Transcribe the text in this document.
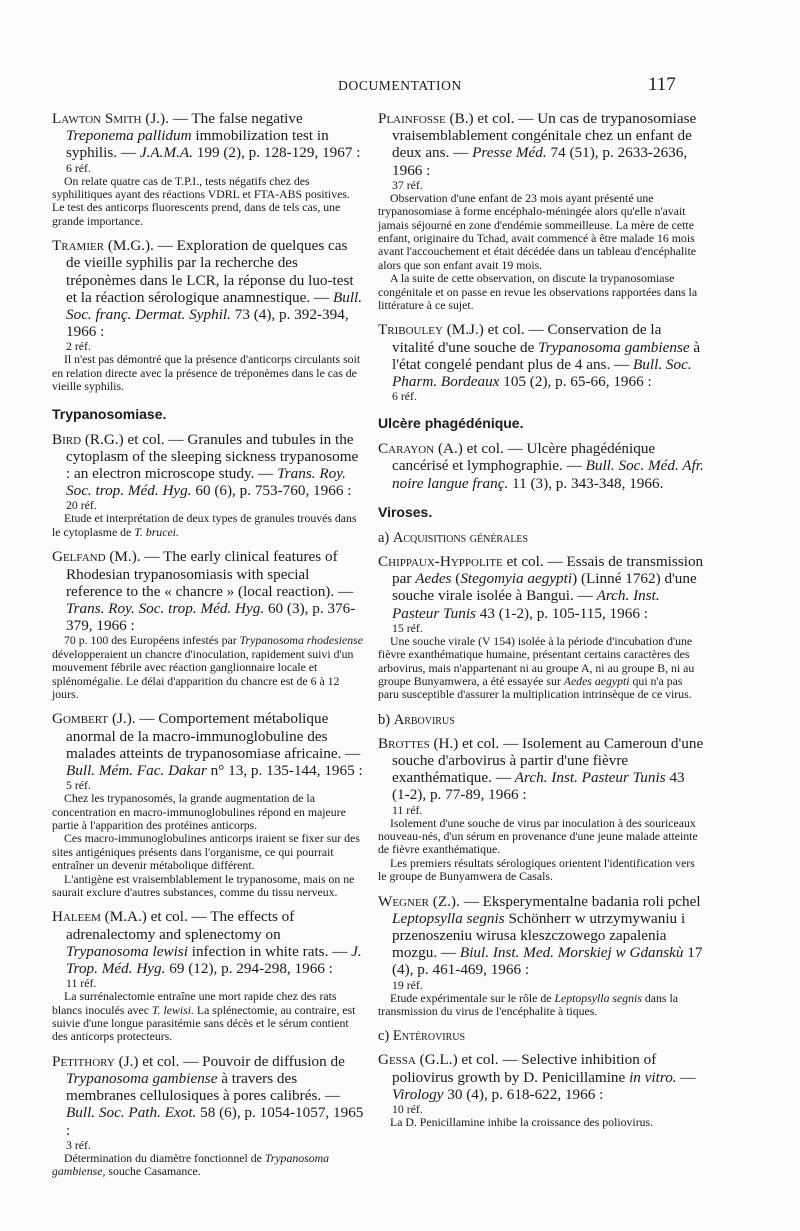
DOCUMENTATION	117
Lawton Smith (J.). — The false negative Treponema pallidum immobilization test in syphilis. — J.A.M.A. 199 (2), p. 128-129, 1967 :
6 réf.
On relate quatre cas de T.P.I., tests négatifs chez des syphilitiques ayant des réactions VDRL et FTA-ABS positives. Le test des anticorps fluorescents prend, dans de tels cas, une grande importance.
Tramier (M.G.). — Exploration de quelques cas de vieille syphilis par la recherche des tréponèmes dans le LCR, la réponse du luo-test et la réaction sérologique anamnestique. — Bull. Soc. franç. Dermat. Syphil. 73 (4), p. 392-394, 1966 :
2 réf.
Il n'est pas démontré que la présence d'anticorps circulants soit en relation directe avec la présence de tréponèmes dans le cas de vieille syphilis.
Trypanosomiase.
Bird (R.G.) et col. — Granules and tubules in the cytoplasm of the sleeping sickness trypanosome : an electron microscope study. — Trans. Roy. Soc. trop. Méd. Hyg. 60 (6), p. 753-760, 1966 :
20 réf.
Etude et interprétation de deux types de granules trouvés dans le cytoplasme de T. brucei.
Gelfand (M.). — The early clinical features of Rhodesian trypanosomiasis with special reference to the « chancre » (local reaction). — Trans. Roy. Soc. trop. Méd. Hyg. 60 (3), p. 376-379, 1966 :
70 p. 100 des Européens infestés par Trypanosoma rhodesiense développeraient un chancre d'inoculation, rapidement suivi d'un mouvement fébrile avec réaction ganglionnaire locale et splénomégalie. Le délai d'apparition du chancre est de 6 à 12 jours.
Gombert (J.). — Comportement métabolique anormal de la macro-immunoglobuline des malades atteints de trypanosomiase africaine. — Bull. Mém. Fac. Dakar n° 13, p. 135-144, 1965 :
5 réf.
Chez les trypanosomés, la grande augmentation de la concentration en macro-immunoglobulines répond en majeure partie à l'apparition des protéines anticorps.
Ces macro-immunoglobulines anticorps iraient se fixer sur des sites antigéniques présents dans l'organisme, ce qui pourrait entraîner un devenir métabolique différent.
L'antigène est vraisemblablement le trypanosome, mais on ne saurait exclure d'autres substances, comme du tissu nerveux.
Haleem (M.A.) et col. — The effects of adrenalectomy and splenectomy on Trypanosoma lewisi infection in white rats. — J. Trop. Méd. Hyg. 69 (12), p. 294-298, 1966 :
11 réf.
La surrénalectomie entraîne une mort rapide chez des rats blancs inoculés avec T. lewisi. La splénectomie, au contraire, est suivie d'une longue parasitémie sans décès et le sérum contient des anticorps protecteurs.
Petithory (J.) et col. — Pouvoir de diffusion de Trypanosoma gambiense à travers des membranes cellulosiques à pores calibrés. — Bull. Soc. Path. Exot. 58 (6), p. 1054-1057, 1965 :
3 réf.
Détermination du diamètre fonctionnel de Trypanosoma gambiense, souche Casamance.
Plainfosse (B.) et col. — Un cas de trypanosomiase vraisemblablement congénitale chez un enfant de deux ans. — Presse Méd. 74 (51), p. 2633-2636, 1966 :
37 réf.
Observation d'une enfant de 23 mois ayant présenté une trypanosomiase à forme encéphalo-méningée alors qu'elle n'avait jamais séjourné en zone d'endémie sommeilleuse. La mère de cette enfant, originaire du Tchad, avait commencé à être malade 16 mois avant l'accouchement et était décédée dans un tableau d'encéphalite alors que son enfant avait 19 mois.
A la suite de cette observation, on discute la trypanosomiase congénitale et on passe en revue les observations rapportées dans la littérature à ce sujet.
Tribouley (M.J.) et col. — Conservation de la vitalité d'une souche de Trypanosoma gambiense à l'état congelé pendant plus de 4 ans. — Bull. Soc. Pharm. Bordeaux 105 (2), p. 65-66, 1966 :
6 réf.
Ulcère phagédénique.
Carayon (A.) et col. — Ulcère phagédénique cancérisé et lymphographie. — Bull. Soc. Méd. Afr. noire langue franç. 11 (3), p. 343-348, 1966.
Viroses.
a) Acquisitions générales
Chippaux-Hyppolite et col. — Essais de transmission par Aedes (Stegomyia aegypti) (Linné 1762) d'une souche virale isolée à Bangui. — Arch. Inst. Pasteur Tunis 43 (1-2), p. 105-115, 1966 :
15 réf.
Une souche virale (V 154) isolée à la période d'incubation d'une fièvre exanthématique humaine, présentant certains caractères des arbovirus, mais n'appartenant ni au groupe A, ni au groupe B, ni au groupe Bunyamwera, a été essayée sur Aedes aegypti qui n'a pas paru susceptible d'assurer la multiplication intrinsèque de ce virus.
b) Arbovirus
Brottes (H.) et col. — Isolement au Cameroun d'une souche d'arbovirus à partir d'une fièvre exanthématique. — Arch. Inst. Pasteur Tunis 43 (1-2), p. 77-89, 1966 :
11 réf.
Isolement d'une souche de virus par inoculation à des souriceaux nouveau-nés, d'un sérum en provenance d'une jeune malade atteinte de fièvre exanthématique.
Les premiers résultats sérologiques orientent l'identification vers le groupe de Bunyamwera de Casals.
Wegner (Z.). — Eksperymentalne badania roli pchel Leptopsylla segnis Schönherr w utrzymywaniu i przenoszeniu wirusa kleszczowego zapalenia mozgu. — Biul. Inst. Med. Morskiej w Gdanskù 17 (4), p. 461-469, 1966 :
19 réf.
Etude expérimentale sur le rôle de Leptopsylla segnis dans la transmission du virus de l'encéphalite à tiques.
c) Entérovirus
Gessa (G.L.) et col. — Selective inhibition of poliovirus growth by D. Penicillamine in vitro. — Virology 30 (4), p. 618-622, 1966 :
10 réf.
La D. Penicillamine inhibe la croissance des poliovirus.
